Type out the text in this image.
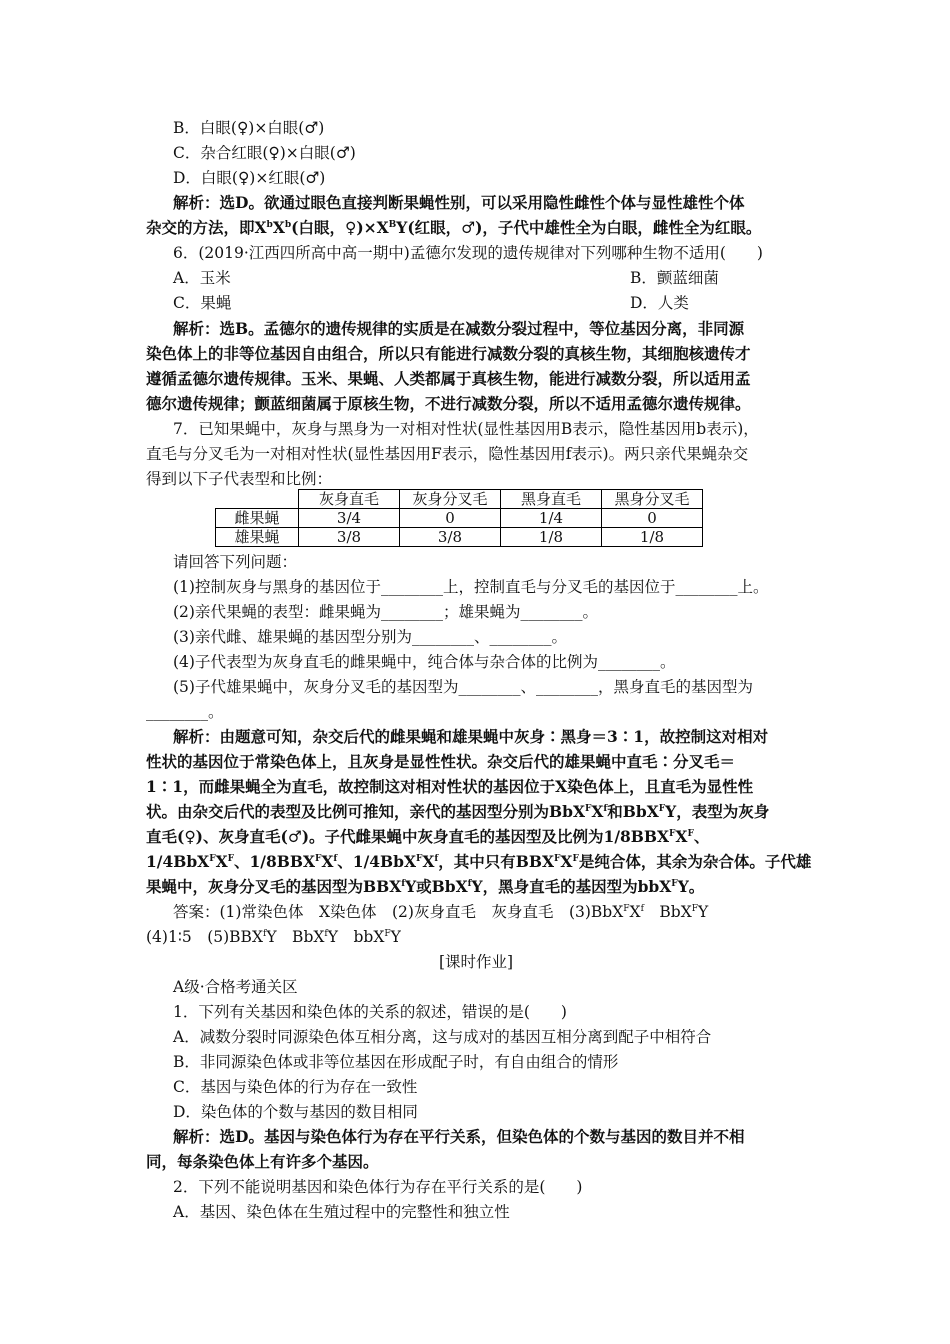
B．白眼(♀)×白眼(♂)
C．杂合红眼(♀)×白眼(♂)
D．白眼(♀)×红眼(♂)
解析：选D。欲通过眼色直接判断果蝇性别，可以采用隐性雌性个体与显性雄性个体
杂交的方法，即$X^bX^b$(白眼，$♀)\times X^BY$(红眼，♂)，子代中雄性全为白眼，雌性全为红眼。
6．(2019·江西四所高中高一期中)孟德尔发现的遗传规律对下列哪种生物不适用(　　)
A．玉米	B．颤蓝细菌
C．果蝇	D．人类
解析：选B。孟德尔的遗传规律的实质是在减数分裂过程中，等位基因分离，非同源
染色体上的非等位基因自由组合，所以只有能进行减数分裂的真核生物，其细胞核遗传才
遵循孟德尔遗传规律。玉米、果蝇、人类都属于真核生物，能进行减数分裂，所以适用孟
德尔遗传规律；颤蓝细菌属于原核生物，不进行减数分裂，所以不适用孟德尔遗传规律。
7．已知果蝇中，灰身与黑身为一对相对性状(显性基因用B表示，隐性基因用b表示)，
直毛与分叉毛为一对相对性状(显性基因用F表示，隐性基因用f表示)。两只亲代果蝇杂交
得到以下子代表型和比例：
	灰身直毛	灰身分叉毛	黑身直毛	黑身分叉毛
雌果蝇	3/4	0	1/4	0
雄果蝇	3/8	3/8	1/8	1/8
请回答下列问题：
(1)控制灰身与黑身的基因位于________上，控制直毛与分叉毛的基因位于________上。
(2)亲代果蝇的表型：雌果蝇为________；雄果蝇为________。
(3)亲代雌、雄果蝇的基因型分别为________、________。
(4)子代表型为灰身直毛的雌果蝇中，纯合体与杂合体的比例为________。
(5)子代雄果蝇中，灰身分叉毛的基因型为________、________，黑身直毛的基因型为
________。
解析：由题意可知，杂交后代的雌果蝇和雄果蝇中灰身∶黑身＝3∶1，故控制这对相对
性状的基因位于常染色体上，且灰身是显性性状。杂交后代的雄果蝇中直毛∶分叉毛＝
1∶1，而雌果蝇全为直毛，故控制这对相对性状的基因位于X染色体上，且直毛为显性性
状。由杂交后代的表型及比例可推知，亲代的基因型分别为$BbX^FX^f$和BbX$^F$Y，表型为灰身
直毛(♀)、灰身直毛(♂)。子代雌果蝇中灰身直毛的基因型及比例为$1/8BBX^FX^F$、
$1/4BbX^FX^F$、$1/8BBX^FX^f$、$1/4BbX^FX^f$，其中只有$BBX^FX^F$是纯合体，其余为杂合体。子代雄
果蝇中，灰身分叉毛的基因型为BBX$^f$Y或BbX$^f$Y，黑身直毛的基因型为bbX$^F$Y。
答案：(1)常染色体　X染色体　(2)灰身直毛　灰身直毛　$(3)BbX^FX^f$　BbX$^F$Y
(4)1∶5　(5)BBX$^f$Y　BbX$^f$Y　bbX$^F$Y
[课时作业]
A级·合格考通关区
1．下列有关基因和染色体的关系的叙述，错误的是(　　)
A．减数分裂时同源染色体互相分离，这与成对的基因互相分离到配子中相符合
B．非同源染色体或非等位基因在形成配子时，有自由组合的情形
C．基因与染色体的行为存在一致性
D．染色体的个数与基因的数目相同
解析：选D。基因与染色体行为存在平行关系，但染色体的个数与基因的数目并不相
同，每条染色体上有许多个基因。
2．下列不能说明基因和染色体行为存在平行关系的是(　　)
A．基因、染色体在生殖过程中的完整性和独立性
